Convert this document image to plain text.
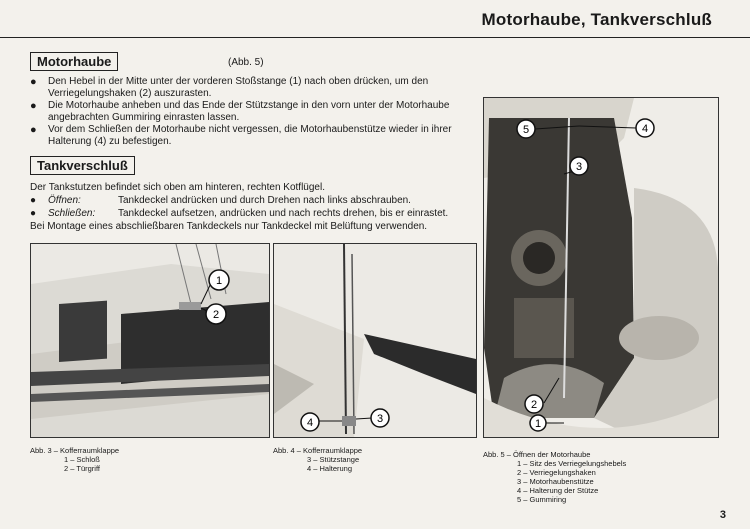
Motorhaube, Tankverschluß
Motorhaube	(Abb. 5)
● Den Hebel in der Mitte unter der vorderen Stoßstange (1) nach oben drücken, um den Verriegelungshaken (2) auszurasten.
● Die Motorhaube anheben und das Ende der Stützstange in den vorn unter der Motorhaube angebrachten Gummiring einrasten lassen.
● Vor dem Schließen der Motorhaube nicht vergessen, die Motorhaubenstütze wieder in ihrer Halterung (4) zu befestigen.
Tankverschluß
Der Tankstutzen befindet sich oben am hinteren, rechten Kotflügel.
● Öffnen:	Tankdeckel andrücken und durch Drehen nach links abschrauben.
● Schließen: Tankdeckel aufsetzen, andrücken und nach rechts drehen, bis er einrastet.
Bei Montage eines abschließbaren Tankdeckels nur Tankdeckel mit Belüftung verwenden.
1
2
Abb. 3 – Kofferraumklappe
1 – Schloß
2 – Türgriff
4	3
Abb. 4 – Kofferraumklappe
3 – Stützstange
4 – Halterung
5	4
3
2
1
Abb. 5 – Öffnen der Motorhaube
1 – Sitz des Verriegelungshebels
2 – Verriegelungshaken
3 – Motorhaubenstütze
4 – Halterung der Stütze
5 – Gummiring
3
